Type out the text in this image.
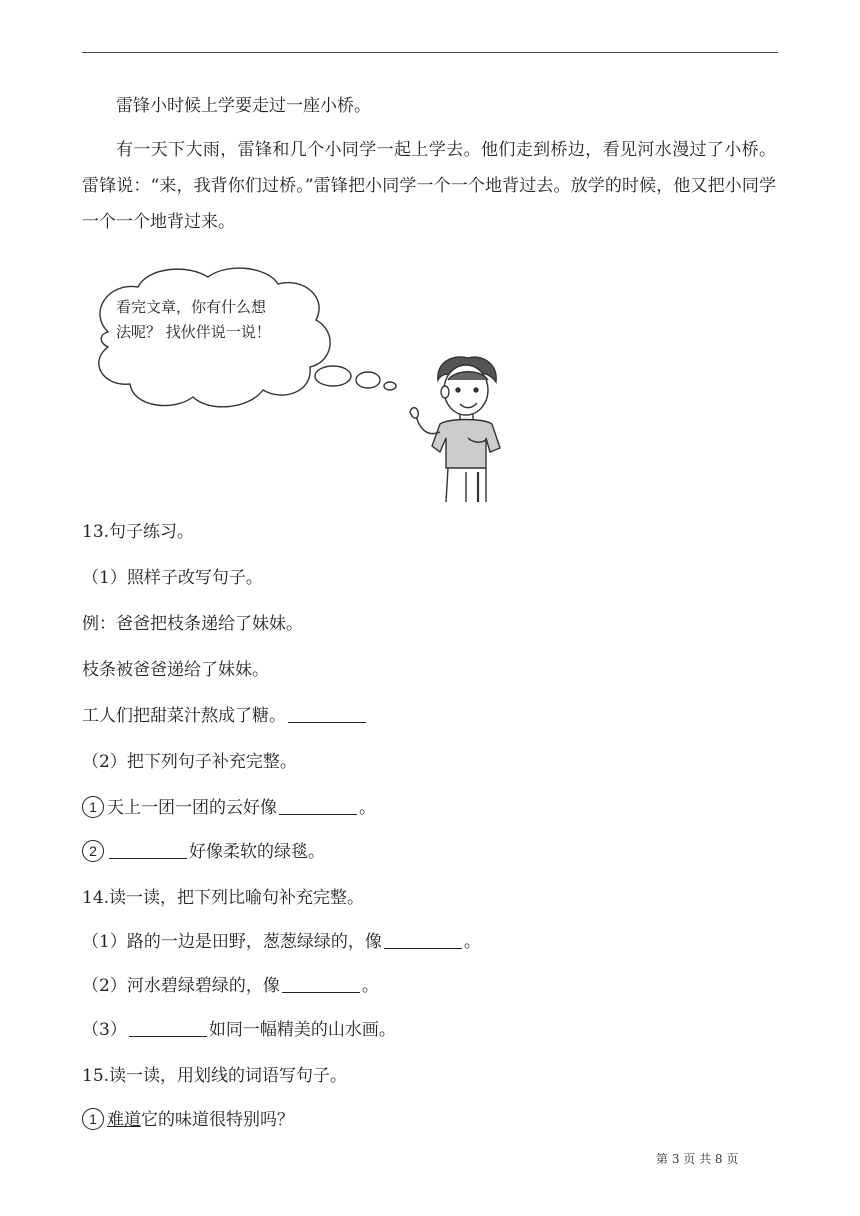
雷锋小时候上学要走过一座小桥。
有一天下大雨，雷锋和几个小同学一起上学去。他们走到桥边，看见河水漫过了小桥。雷锋说：“来，我背你们过桥。”雷锋把小同学一个一个地背过去。放学的时候，他又把小同学一个一个地背过来。
看完文章，你有什么想法呢？ 找伙伴说一说！
13.句子练习。
（1）照样子改写句子。
例：爸爸把枝条递给了妹妹。
枝条被爸爸递给了妹妹。
工人们把甜菜汁熬成了糖。
（2）把下列句子补充完整。
1 天上一团一团的云好像	。
2	好像柔软的绿毯。
14.读一读，把下列比喻句补充完整。
（1）路的一边是田野，葱葱绿绿的，像	。
（2）河水碧绿碧绿的，像	。
（3）	如同一幅精美的山水画。
15.读一读，用划线的词语写句子。
1 难道它的味道很特别吗？
第 3 页 共 8 页
